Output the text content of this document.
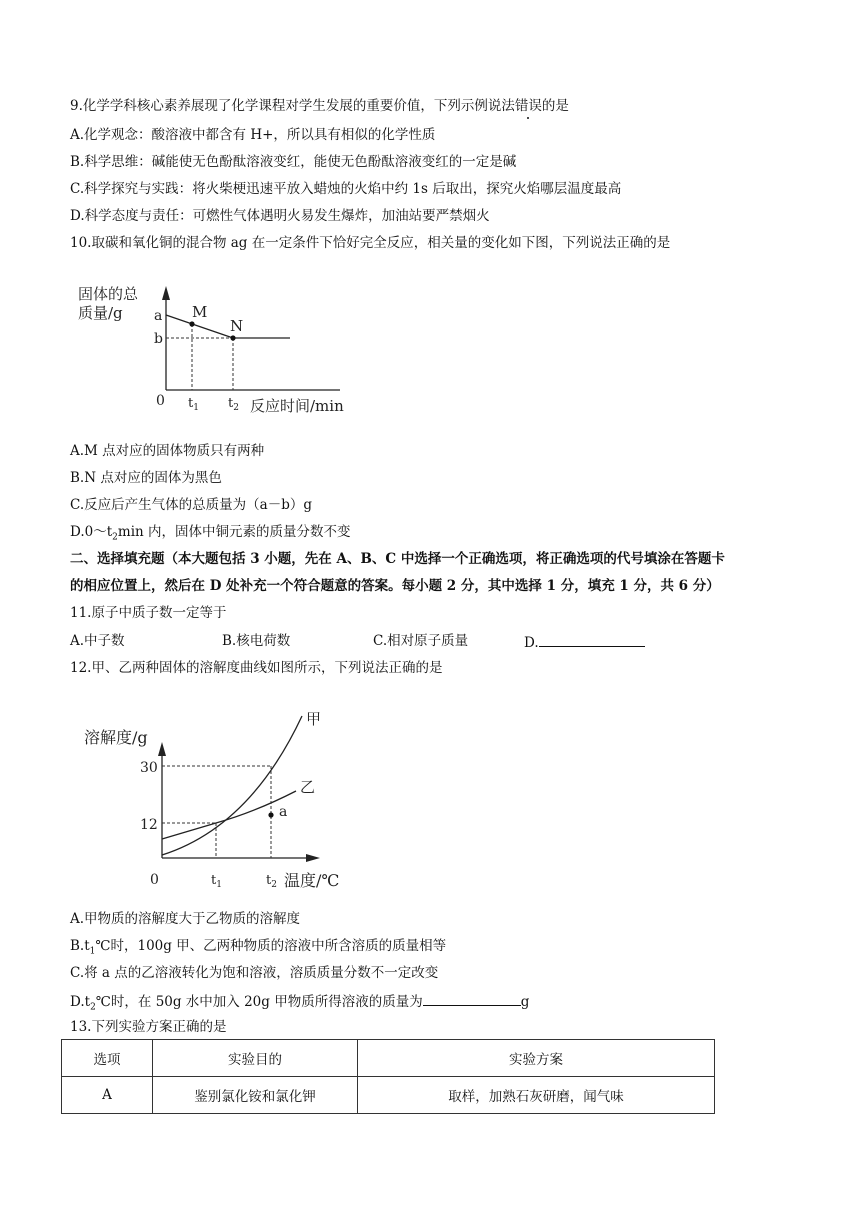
9.化学学科核心素养展现了化学课程对学生发展的重要价值，下列示例说法错误的是
A.化学观念：酸溶液中都含有 H+，所以具有相似的化学性质
B.科学思维：碱能使无色酚酞溶液变红，能使无色酚酞溶液变红的一定是碱
C.科学探究与实践：将火柴梗迅速平放入蜡烛的火焰中约 1s 后取出，探究火焰哪层温度最高
D.科学态度与责任：可燃性气体遇明火易发生爆炸，加油站要严禁烟火
10.取碳和氧化铜的混合物 ag 在一定条件下恰好完全反应，相关量的变化如下图，下列说法正确的是
固体的总
质量/g a
b
M
N
0 $t_1$ $t_2$ 反应时间/min
A.M 点对应的固体物质只有两种
B.N 点对应的固体为黑色
C.反应后产生气体的总质量为（a－b）g
$D.0\sim t_2\min$ 内，固体中铜元素的质量分数不变
二、选择填充题（本大题包括 3 小题，先在 A、B、C 中选择一个正确选项，将正确选项的代号填涂在答题卡
的相应位置上，然后在 D 处补充一个符合题意的答案。每小题 2 分，其中选择 1 分，填充 1 分，共 6 分）
11.原子中质子数一定等于
A.中子数	B.核电荷数	C.相对原子质量	D.
12.甲、乙两种固体的溶解度曲线如图所示，下列说法正确的是
溶解度/g
a
甲
乙
30
12
0	$t_1$	$t_2$ 温度/℃
A.甲物质的溶解度大于乙物质的溶解度
$B.t_1℃$时，100g 甲、乙两种物质的溶液中所含溶质的质量相等
C.将 a 点的乙溶液转化为饱和溶液，溶质质量分数不一定改变
$D.t_2℃$时，在 50g 水中加入 20g 甲物质所得溶液的质量为	g
13.下列实验方案正确的是
选项	实验目的	实验方案
A	鉴别氯化铵和氯化钾	取样，加熟石灰研磨，闻气味
